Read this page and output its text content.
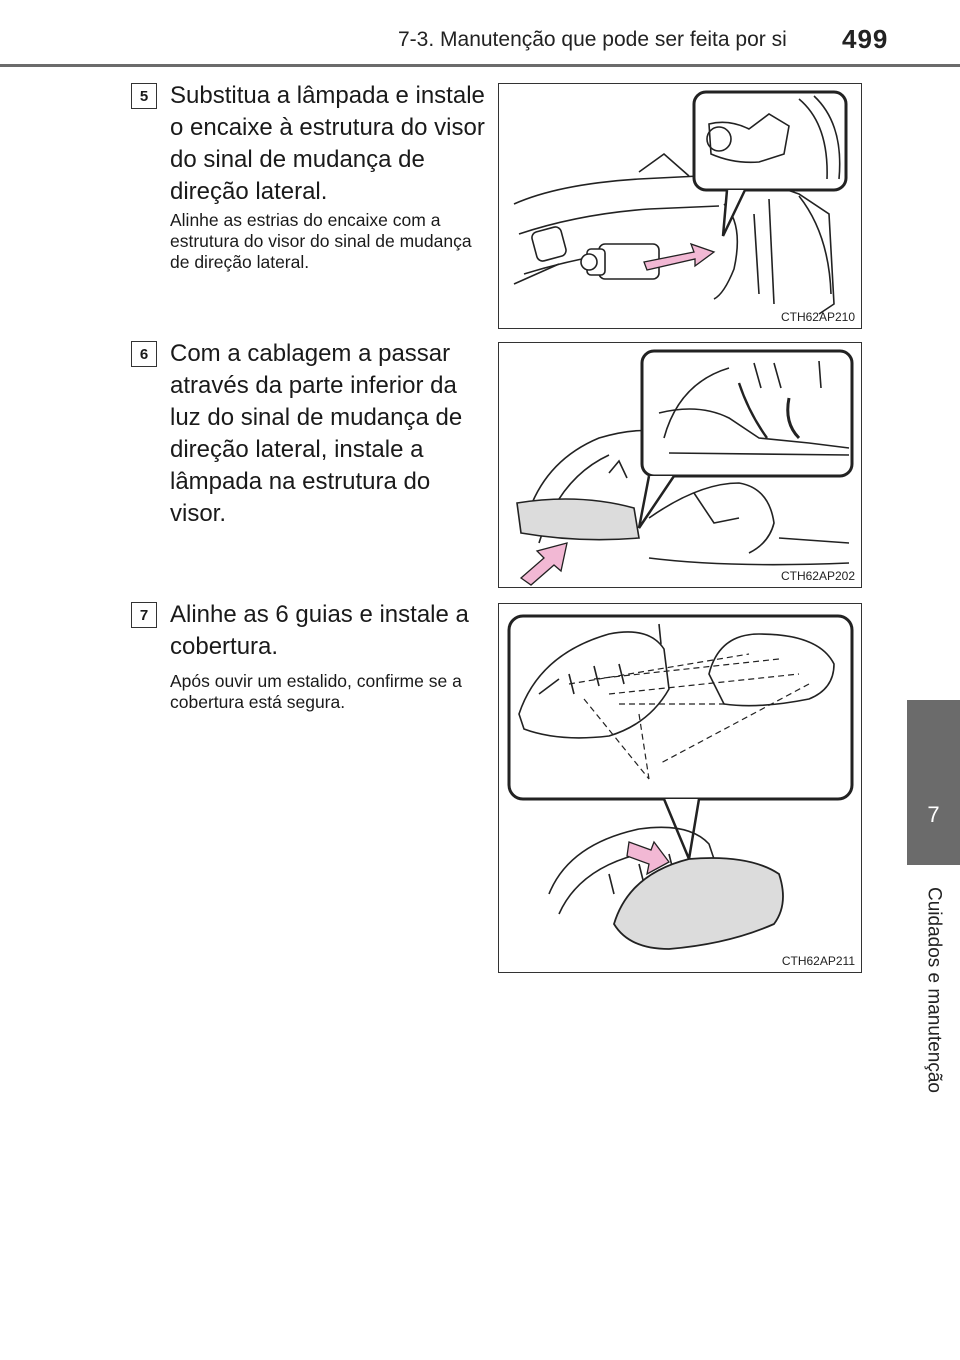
7-3. Manutenção que pode ser feita por si 499
7
Cuidados e manutenção
5 Substitua a lâmpada e instale o encaixe à estrutura do visor do sinal de mudança de direção lateral.
Alinhe as estrias do encaixe com a estrutura do visor do sinal de mudança de direção lateral.
CTH62AP210
6 Com a cablagem a passar através da parte inferior da luz do sinal de mudança de direção lateral, instale a lâmpada na estrutura do visor.
CTH62AP202
7 Alinhe as 6 guias e instale a cobertura.
Após ouvir um estalido, confirme se a cobertura está segura.
CTH62AP211
